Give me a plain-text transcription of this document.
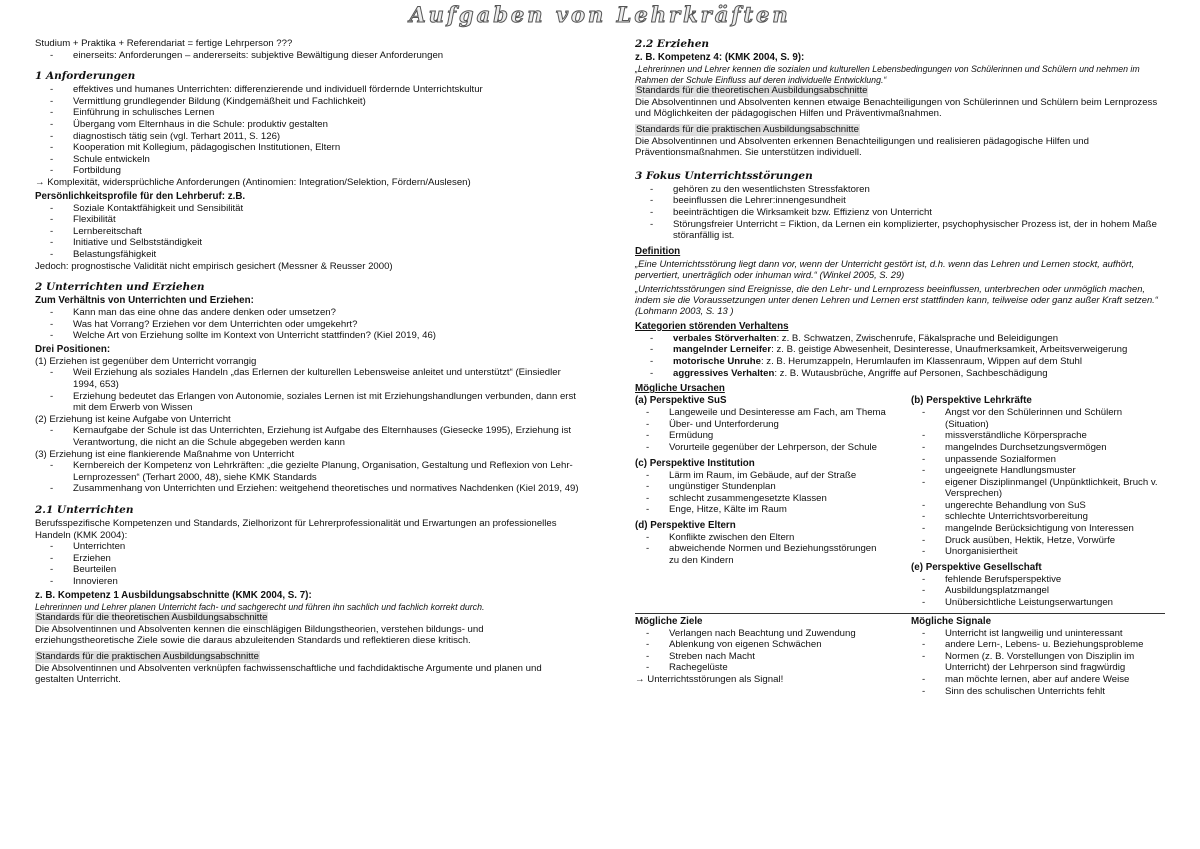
Aufgaben von Lehrkräften

Studium + Praktika + Referendariat = fertige Lehrperson ???

- einerseits: Anforderungen – andererseits: subjektive Bewältigung dieser Anforderungen
1 Anforderungen
- effektives und humanes Unterrichten: differenzierende und individuell fördernde Unterrichtskultur
- Vermittlung grundlegender Bildung (Kindgemäßheit und Fachlichkeit)
- Einführung in schulisches Lernen
- Übergang vom Elternhaus in die Schule: produktiv gestalten
- diagnostisch tätig sein (vgl. Terhart 2011, S. 126)
- Kooperation mit Kollegium, pädagogischen Institutionen, Eltern
- Schule entwickeln
- Fortbildung

→ Komplexität, widersprüchliche Anforderungen (Antinomien: Integration/Selektion, Fördern/Auslesen)

Persönlichkeitsprofile für den Lehrberuf: z.B.
- Soziale Kontaktfähigkeit und Sensibilität
- Flexibilität
- Lernbereitschaft
- Initiative und Selbstständigkeit
- Belastungsfähigkeit

Jedoch: prognostische Validität nicht empirisch gesichert (Messner & Reusser 2000)

2 Unterrichten und Erziehen
Zum Verhältnis von Unterrichten und Erziehen:
- Kann man das eine ohne das andere denken oder umsetzen?
- Was hat Vorrang? Erziehen vor dem Unterrichten oder umgekehrt?
- Welche Art von Erziehung sollte im Kontext von Unterricht stattfinden? (Kiel 2019, 46)
Drei Positionen:

(1) Erziehen ist gegenüber dem Unterricht vorrangig

- Weil Erziehung als soziales Handeln „das Erlernen der kulturellen Lebensweise anleitet und unterstützt“ (Einsiedler 1994, 653)
- Erziehung bedeutet das Erlangen von Autonomie, soziales Lernen ist mit Erziehungshandlungen verbunden, dann erst mit dem Erwerb von Wissen

(2) Erziehung ist keine Aufgabe von Unterricht

- Kernaufgabe der Schule ist das Unterrichten, Erziehung ist Aufgabe des Elternhauses (Giesecke 1995), Erziehung ist Verantwortung, die nicht an die Schule abgegeben werden kann

(3) Erziehung ist eine flankierende Maßnahme von Unterricht

- Kernbereich der Kompetenz von Lehrkräften: „die gezielte Planung, Organisation, Gestaltung und Reflexion von Lehr-Lernprozessen“ (Terhart 2000, 48), siehe KMK Standards
- Zusammenhang von Unterrichten und Erziehen: weitgehend theoretisches und normatives Nachdenken (Kiel 2019, 49)
2.1 Unterrichten

Berufsspezifische Kompetenzen und Standards, Zielhorizont für Lehrerprofessionalität und Erwartungen an professionelles Handeln (KMK 2004):

- Unterrichten
- Erziehen
- Beurteilen
- Innovieren
z. B. Kompetenz 1 Ausbildungsabschnitte (KMK 2004, S. 7):

Lehrerinnen und Lehrer planen Unterricht fach- und sachgerecht und führen ihn sachlich und fachlich korrekt durch.

Standards für die theoretischen Ausbildungsabschnitte

Die Absolventinnen und Absolventen kennen die einschlägigen Bildungstheorien, verstehen bildungs- und erziehungstheoretische Ziele sowie die daraus abzuleitenden Standards und reflektieren diese kritisch.

Standards für die praktischen Ausbildungsabschnitte

Die Absolventinnen und Absolventen verknüpfen fachwissenschaftliche und fachdidaktische Argumente und planen und gestalten Unterricht.

2.2 Erziehen
z. B. Kompetenz 4: (KMK 2004, S. 9):

„Lehrerinnen und Lehrer kennen die sozialen und kulturellen Lebensbedingungen von Schülerinnen und Schülern und nehmen im Rahmen der Schule Einfluss auf deren individuelle Entwicklung.“

Standards für die theoretischen Ausbildungsabschnitte

Die Absolventinnen und Absolventen kennen etwaige Benachteiligungen von Schülerinnen und Schülern beim Lernprozess und Möglichkeiten der pädagogischen Hilfen und Präventivmaßnahmen.

Standards für die praktischen Ausbildungsabschnitte

Die Absolventinnen und Absolventen erkennen Benachteiligungen und realisieren pädagogische Hilfen und Präventionsmaßnahmen. Sie unterstützen individuell.

3 Fokus Unterrichtsstörungen
- gehören zu den wesentlichsten Stressfaktoren
- beeinflussen die Lehrer:innengesundheit
- beeinträchtigen die Wirksamkeit bzw. Effizienz von Unterricht
- Störungsfreier Unterricht = Fiktion, da Lernen ein komplizierter, psychophysischer Prozess ist, der in hohem Maße störanfällig ist.
Definition

„Eine Unterrichtsstörung liegt dann vor, wenn der Unterricht gestört ist, d.h. wenn das Lehren und Lernen stockt, aufhört, pervertiert, unerträglich oder inhuman wird.“ (Winkel 2005, S. 29)

„Unterrichtsstörungen sind Ereignisse, die den Lehr- und Lernprozess beeinflussen, unterbrechen oder unmöglich machen, indem sie die Voraussetzungen unter denen Lehren und Lernen erst stattfinden kann, teilweise oder ganz außer Kraft setzen.“ (Lohmann 2003, S. 13 )

Kategorien störenden Verhaltens
- verbales Störverhalten: z. B. Schwatzen, Zwischenrufe, Fäkalsprache und Beleidigungen
- mangelnder Lerneifer: z. B. geistige Abwesenheit, Desinteresse, Unaufmerksamkeit, Arbeitsverweigerung
- motorische Unruhe: z. B. Herumzappeln, Herumlaufen im Klassenraum, Wippen auf dem Stuhl
- aggressives Verhalten: z. B. Wutausbrüche, Angriffe auf Personen, Sachbeschädigung
Mögliche Ursachen
(a) Perspektive SuS
- Langeweile und Desinteresse am Fach, am Thema
- Über- und Unterforderung
- Ermüdung
- Vorurteile gegenüber der Lehrperson, der Schule
(c) Perspektive Institution
- Lärm im Raum, im Gebäude, auf der Straße
- ungünstiger Stundenplan
- schlecht zusammengesetzte Klassen
- Enge, Hitze, Kälte im Raum
(d) Perspektive Eltern
- Konflikte zwischen den Eltern
- abweichende Normen und Beziehungsstörungen zu den Kindern
(b) Perspektive Lehrkräfte
- Angst vor den Schülerinnen und Schülern (Situation)
- missverständliche Körpersprache
- mangelndes Durchsetzungsvermögen
- unpassende Sozialformen
- ungeeignete Handlungsmuster
- eigener Disziplinmangel (Unpünktlichkeit, Bruch v. Versprechen)
- ungerechte Behandlung von SuS
- schlechte Unterrichtsvorbereitung
- mangelnde Berücksichtigung von Interessen
- Druck ausüben, Hektik, Hetze, Vorwürfe
- Unorganisiertheit
(e) Perspektive Gesellschaft
- fehlende Berufsperspektive
- Ausbildungsplatzmangel
- Unübersichtliche Leistungserwartungen
Mögliche Ziele
- Verlangen nach Beachtung und Zuwendung
- Ablenkung von eigenen Schwächen
- Streben nach Macht
- Rachegelüste

→ Unterrichtsstörungen als Signal!

Mögliche Signale
- Unterricht ist langweilig und uninteressant
- andere Lern-, Lebens- u. Beziehungsprobleme
- Normen (z. B. Vorstellungen von Disziplin im Unterricht) der Lehrperson sind fragwürdig
- man möchte lernen, aber auf andere Weise
- Sinn des schulischen Unterrichts fehlt
